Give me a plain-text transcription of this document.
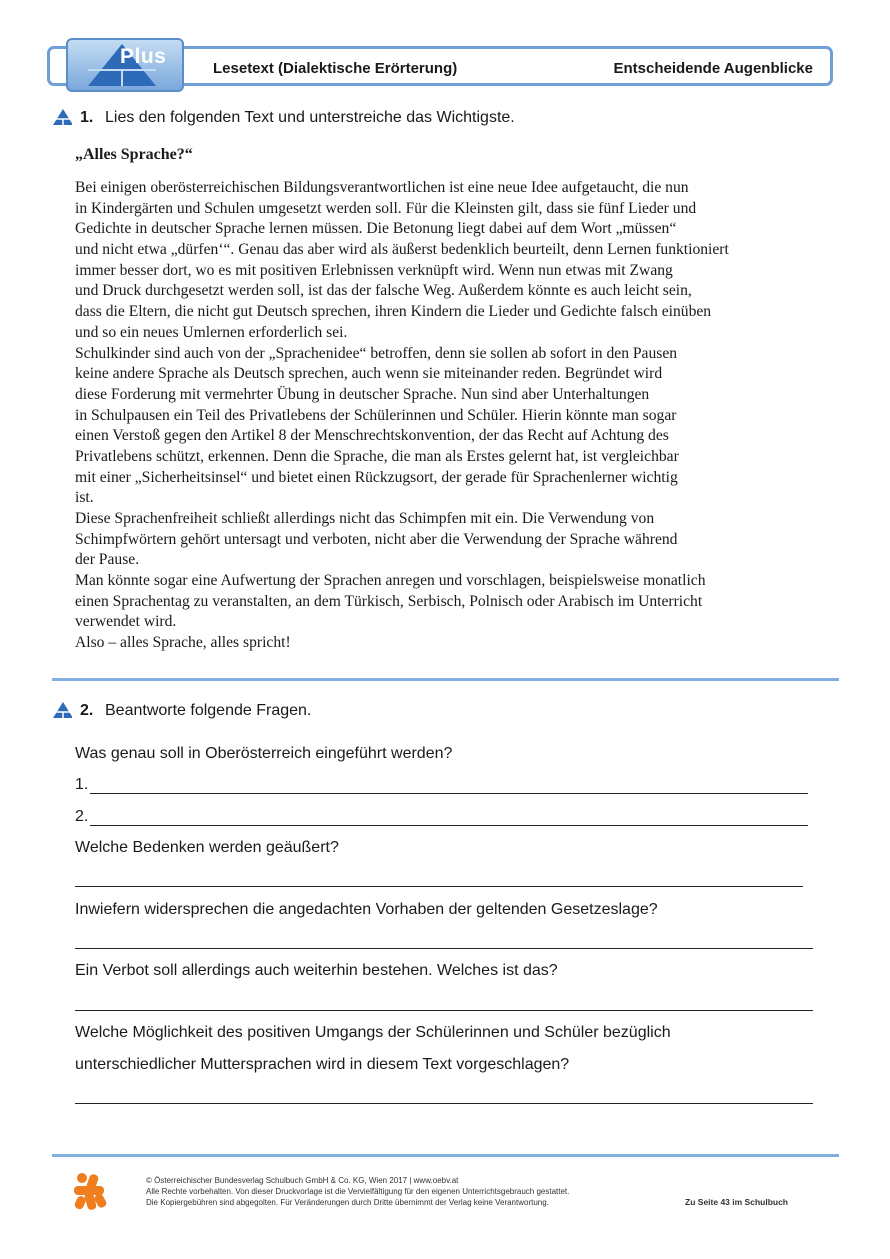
Plus
Lesetext (Dialektische Erörterung)	Entscheidende Augenblicke
1. Lies den folgenden Text und unterstreiche das Wichtigste.
„Alles Sprache?“
Bei einigen oberösterreichischen Bildungsverantwortlichen ist eine neue Idee aufgetaucht, die nun
in Kindergärten und Schulen umgesetzt werden soll. Für die Kleinsten gilt, dass sie fünf Lieder und
Gedichte in deutscher Sprache lernen müssen. Die Betonung liegt dabei auf dem Wort „müssen“
und nicht etwa „dürfen‘“. Genau das aber wird als äußerst bedenklich beurteilt, denn Lernen funktioniert
immer besser dort, wo es mit positiven Erlebnissen verknüpft wird. Wenn nun etwas mit Zwang
und Druck durchgesetzt werden soll, ist das der falsche Weg. Außerdem könnte es auch leicht sein,
dass die Eltern, die nicht gut Deutsch sprechen, ihren Kindern die Lieder und Gedichte falsch einüben
und so ein neues Umlernen erforderlich sei.
Schulkinder sind auch von der „Sprachenidee“ betroffen, denn sie sollen ab sofort in den Pausen
keine andere Sprache als Deutsch sprechen, auch wenn sie miteinander reden. Begründet wird
diese Forderung mit vermehrter Übung in deutscher Sprache. Nun sind aber Unterhaltungen
in Schulpausen ein Teil des Privatlebens der Schülerinnen und Schüler. Hierin könnte man sogar
einen Verstoß gegen den Artikel 8 der Menschrechtskonvention, der das Recht auf Achtung des
Privatlebens schützt, erkennen. Denn die Sprache, die man als Erstes gelernt hat, ist vergleichbar
mit einer „Sicherheitsinsel“ und bietet einen Rückzugsort, der gerade für Sprachenlerner wichtig
ist.
Diese Sprachenfreiheit schließt allerdings nicht das Schimpfen mit ein. Die Verwendung von
Schimpfwörtern gehört untersagt und verboten, nicht aber die Verwendung der Sprache während
der Pause.
Man könnte sogar eine Aufwertung der Sprachen anregen und vorschlagen, beispielsweise monatlich
einen Sprachentag zu veranstalten, an dem Türkisch, Serbisch, Polnisch oder Arabisch im Unterricht
verwendet wird.
Also – alles Sprache, alles spricht!
2. Beantworte folgende Fragen.
Was genau soll in Oberösterreich eingeführt werden?
1.
2.
Welche Bedenken werden geäußert?
Inwiefern widersprechen die angedachten Vorhaben der geltenden Gesetzeslage?
Ein Verbot soll allerdings auch weiterhin bestehen. Welches ist das?
Welche Möglichkeit des positiven Umgangs der Schülerinnen und Schüler bezüglich
unterschiedlicher Muttersprachen wird in diesem Text vorgeschlagen?
© Österreichischer Bundesverlag Schulbuch GmbH & Co. KG, Wien 2017 | www.oebv.at
Alle Rechte vorbehalten. Von dieser Druckvorlage ist die Vervielfältigung für den eigenen Unterrichtsgebrauch gestattet.
Die Kopiergebühren sind abgegolten. Für Veränderungen durch Dritte übernimmt der Verlag keine Verantwortung.	Zu Seite 43 im Schulbuch
